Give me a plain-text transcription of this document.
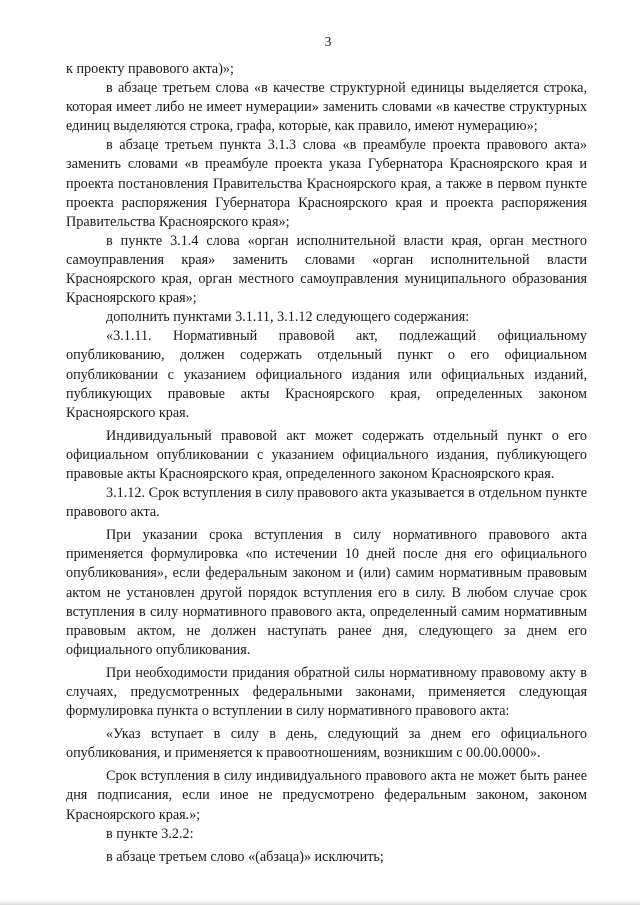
3

к проекту правового акта)»;

в абзаце третьем слова «в качестве структурной единицы выделяется строка, которая имеет либо не имеет нумерации» заменить словами «в качестве структурных единиц выделяются строка, графа, которые, как правило, имеют нумерацию»;

в абзаце третьем пункта 3.1.3 слова «в преамбуле проекта правового акта» заменить словами «в преамбуле проекта указа Губернатора Красноярского края и проекта постановления Правительства Красноярского края, а также в первом пункте проекта распоряжения Губернатора Красноярского края и проекта распоряжения Правительства Красноярского края»;

в пункте 3.1.4 слова «орган исполнительной власти края, орган местного самоуправления края» заменить словами «орган исполнительной власти Красноярского края, орган местного самоуправления муниципального образования Красноярского края»;

дополнить пунктами 3.1.11, 3.1.12 следующего содержания:

«3.1.11. Нормативный правовой акт, подлежащий официальному опубликованию, должен содержать отдельный пункт о его официальном опубликовании с указанием официального издания или официальных изданий, публикующих правовые акты Красноярского края, определенных законом Красноярского края.

Индивидуальный правовой акт может содержать отдельный пункт о его официальном опубликовании с указанием официального издания, публикующего правовые акты Красноярского края, определенного законом Красноярского края.

3.1.12. Срок вступления в силу правового акта указывается в отдельном пункте правового акта.

При указании срока вступления в силу нормативного правового акта применяется формулировка «по истечении 10 дней после дня его официального опубликования», если федеральным законом и (или) самим нормативным правовым актом не установлен другой порядок вступления его в силу. В любом случае срок вступления в силу нормативного правового акта, определенный самим нормативным правовым актом, не должен наступать ранее дня, следующего за днем его официального опубликования.

При необходимости придания обратной силы нормативному правовому акту в случаях, предусмотренных федеральными законами, применяется следующая формулировка пункта о вступлении в силу нормативного правового акта:

«Указ вступает в силу в день, следующий за днем его официального опубликования, и применяется к правоотношениям, возникшим с 00.00.0000».

Срок вступления в силу индивидуального правового акта не может быть ранее дня подписания, если иное не предусмотрено федеральным законом, законом Красноярского края.»;

в пункте 3.2.2:

в абзаце третьем слово «(абзаца)» исключить;
